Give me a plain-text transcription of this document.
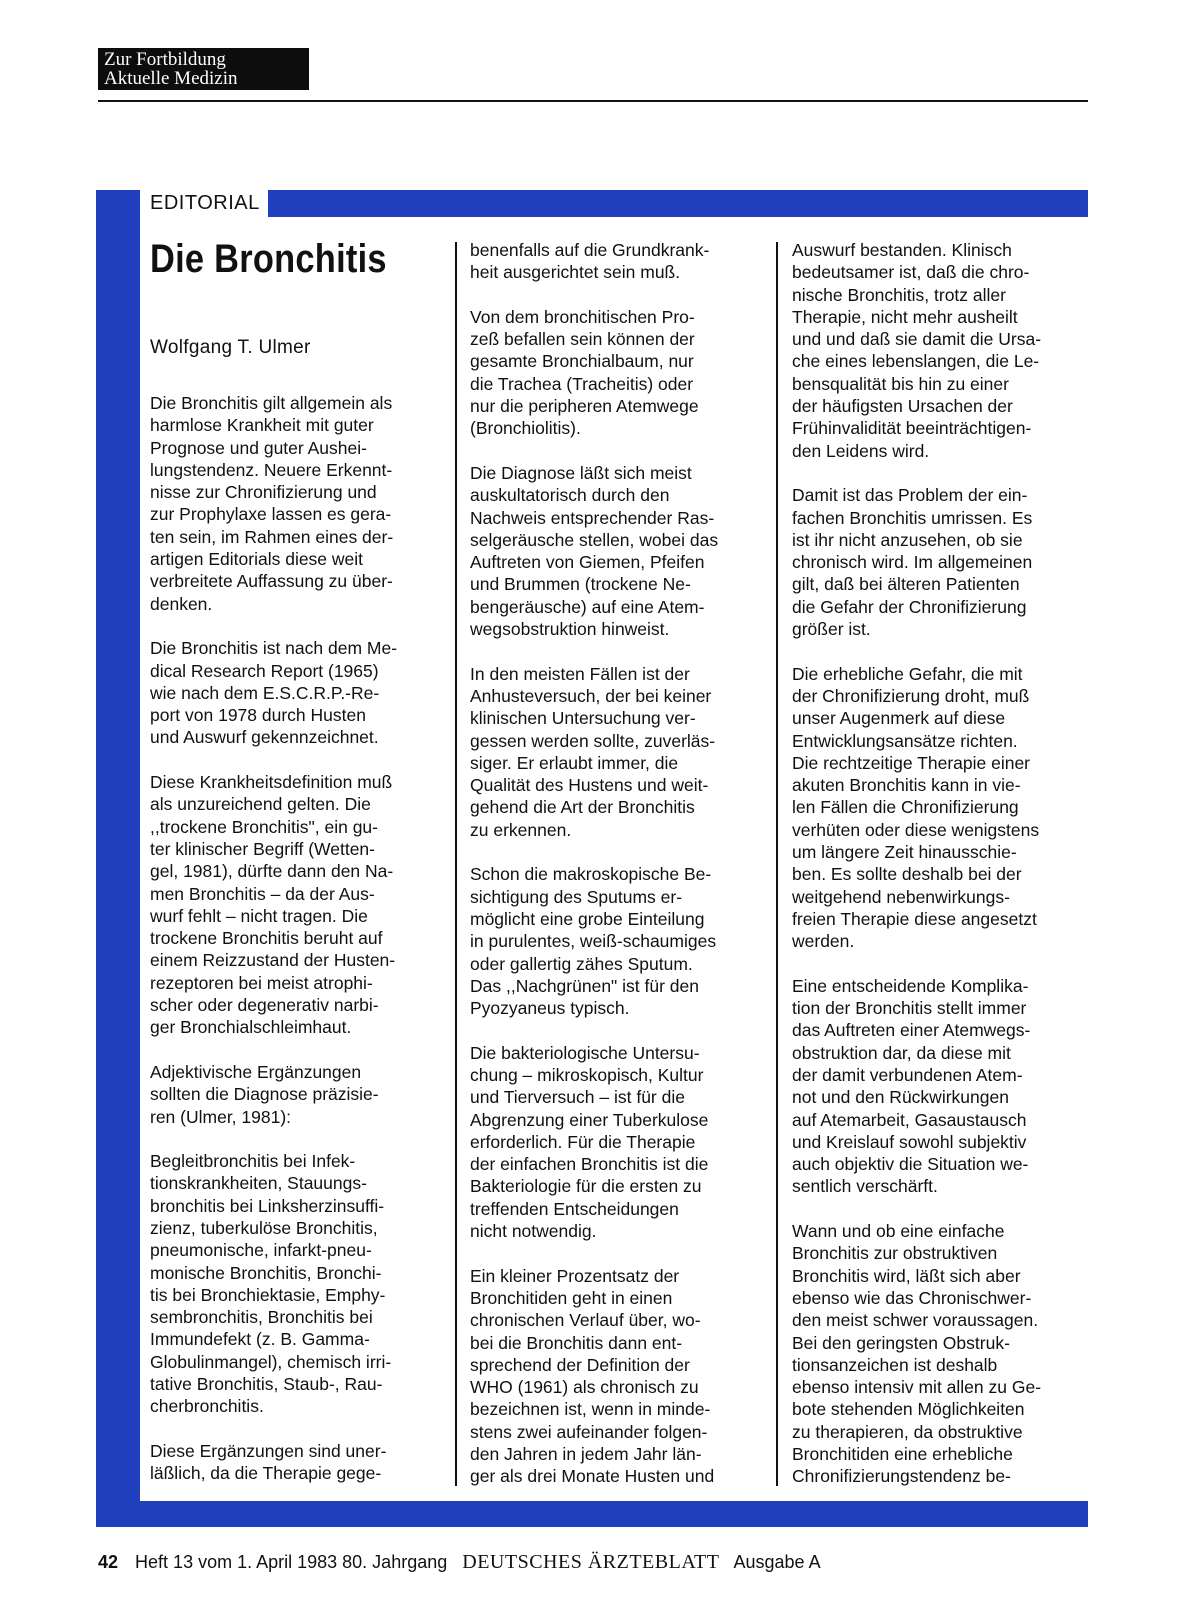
Zur Fortbildung
Aktuelle Medizin
EDITORIAL
Die Bronchitis
Wolfgang T. Ulmer

Die Bronchitis gilt allgemein als
harmlose Krankheit mit guter
Prognose und guter Aushei-
lungstendenz. Neuere Erkennt-
nisse zur Chronifizierung und
zur Prophylaxe lassen es gera-
ten sein, im Rahmen eines der-
artigen Editorials diese weit
verbreitete Auffassung zu über-
denken.

Die Bronchitis ist nach dem Me-
dical Research Report (1965)
wie nach dem E.S.C.R.P.-Re-
port von 1978 durch Husten
und Auswurf gekennzeichnet.

Diese Krankheitsdefinition muß
als unzureichend gelten. Die
,,trockene Bronchitis", ein gu-
ter klinischer Begriff (Wetten-
gel, 1981), dürfte dann den Na-
men Bronchitis – da der Aus-
wurf fehlt – nicht tragen. Die
trockene Bronchitis beruht auf
einem Reizzustand der Husten-
rezeptoren bei meist atrophi-
scher oder degenerativ narbi-
ger Bronchialschleimhaut.

Adjektivische Ergänzungen
sollten die Diagnose präzisie-
ren (Ulmer, 1981):

Begleitbronchitis bei Infek-
tionskrankheiten, Stauungs-
bronchitis bei Linksherzinsuffi-
zienz, tuberkulöse Bronchitis,
pneumonische, infarkt-pneu-
monische Bronchitis, Bronchi-
tis bei Bronchiektasie, Emphy-
sembronchitis, Bronchitis bei
Immundefekt (z. B. Gamma-
Globulinmangel), chemisch irri-
tative Bronchitis, Staub-, Rau-
cherbronchitis.

Diese Ergänzungen sind uner-
läßlich, da die Therapie gege-

benenfalls auf die Grundkrank-
heit ausgerichtet sein muß.

Von dem bronchitischen Pro-
zeß befallen sein können der
gesamte Bronchialbaum, nur
die Trachea (Tracheitis) oder
nur die peripheren Atemwege
(Bronchiolitis).

Die Diagnose läßt sich meist
auskultatorisch durch den
Nachweis entsprechender Ras-
selgeräusche stellen, wobei das
Auftreten von Giemen, Pfeifen
und Brummen (trockene Ne-
bengeräusche) auf eine Atem-
wegsobstruktion hinweist.

In den meisten Fällen ist der
Anhusteversuch, der bei keiner
klinischen Untersuchung ver-
gessen werden sollte, zuverläs-
siger. Er erlaubt immer, die
Qualität des Hustens und weit-
gehend die Art der Bronchitis
zu erkennen.

Schon die makroskopische Be-
sichtigung des Sputums er-
möglicht eine grobe Einteilung
in purulentes, weiß-schaumiges
oder gallertig zähes Sputum.
Das ,,Nachgrünen" ist für den
Pyozyaneus typisch.

Die bakteriologische Untersu-
chung – mikroskopisch, Kultur
und Tierversuch – ist für die
Abgrenzung einer Tuberkulose
erforderlich. Für die Therapie
der einfachen Bronchitis ist die
Bakteriologie für die ersten zu
treffenden Entscheidungen
nicht notwendig.

Ein kleiner Prozentsatz der
Bronchitiden geht in einen
chronischen Verlauf über, wo-
bei die Bronchitis dann ent-
sprechend der Definition der
WHO (1961) als chronisch zu
bezeichnen ist, wenn in minde-
stens zwei aufeinander folgen-
den Jahren in jedem Jahr län-
ger als drei Monate Husten und

Auswurf bestanden. Klinisch
bedeutsamer ist, daß die chro-
nische Bronchitis, trotz aller
Therapie, nicht mehr ausheilt
und und daß sie damit die Ursa-
che eines lebenslangen, die Le-
bensqualität bis hin zu einer
der häufigsten Ursachen der
Frühinvalidität beeinträchtigen-
den Leidens wird.

Damit ist das Problem der ein-
fachen Bronchitis umrissen. Es
ist ihr nicht anzusehen, ob sie
chronisch wird. Im allgemeinen
gilt, daß bei älteren Patienten
die Gefahr der Chronifizierung
größer ist.

Die erhebliche Gefahr, die mit
der Chronifizierung droht, muß
unser Augenmerk auf diese
Entwicklungsansätze richten.
Die rechtzeitige Therapie einer
akuten Bronchitis kann in vie-
len Fällen die Chronifizierung
verhüten oder diese wenigstens
um längere Zeit hinausschie-
ben. Es sollte deshalb bei der
weitgehend nebenwirkungs-
freien Therapie diese angesetzt
werden.

Eine entscheidende Komplika-
tion der Bronchitis stellt immer
das Auftreten einer Atemwegs-
obstruktion dar, da diese mit
der damit verbundenen Atem-
not und den Rückwirkungen
auf Atemarbeit, Gasaustausch
und Kreislauf sowohl subjektiv
auch objektiv die Situation we-
sentlich verschärft.

Wann und ob eine einfache
Bronchitis zur obstruktiven
Bronchitis wird, läßt sich aber
ebenso wie das Chronischwer-
den meist schwer voraussagen.
Bei den geringsten Obstruk-
tionsanzeichen ist deshalb
ebenso intensiv mit allen zu Ge-
bote stehenden Möglichkeiten
zu therapieren, da obstruktive
Bronchitiden eine erhebliche
Chronifizierungstendenz be-

42 Heft 13 vom 1. April 1983 80. Jahrgang DEUTSCHES ÄRZTEBLATT Ausgabe A
